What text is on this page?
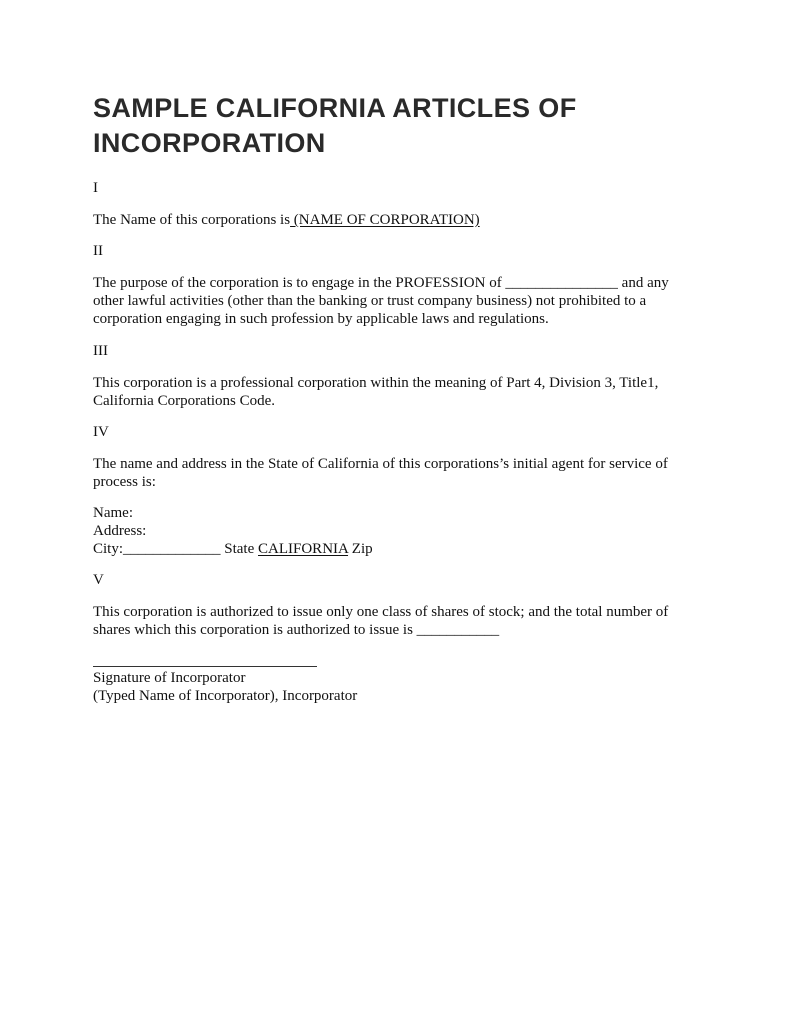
SAMPLE CALIFORNIA ARTICLES OF
INCORPORATION

I

The Name of this corporations is (NAME OF CORPORATION)

II

The purpose of the corporation is to engage in the PROFESSION of _______________ and any other lawful activities (other than the banking or trust company business) not prohibited to a corporation engaging in such profession by applicable laws and regulations.

III

This corporation is a professional corporation within the meaning of Part 4, Division 3, Title1, California Corporations Code.

IV

The name and address in the State of California of this corporations’s initial agent for service of process is:

Name:

Address:

City:_____________ State CALIFORNIA Zip

V

This corporation is authorized to issue only one class of shares of stock; and the total number of shares which this corporation is authorized to issue is ___________

Signature of Incorporator

(Typed Name of Incorporator), Incorporator
